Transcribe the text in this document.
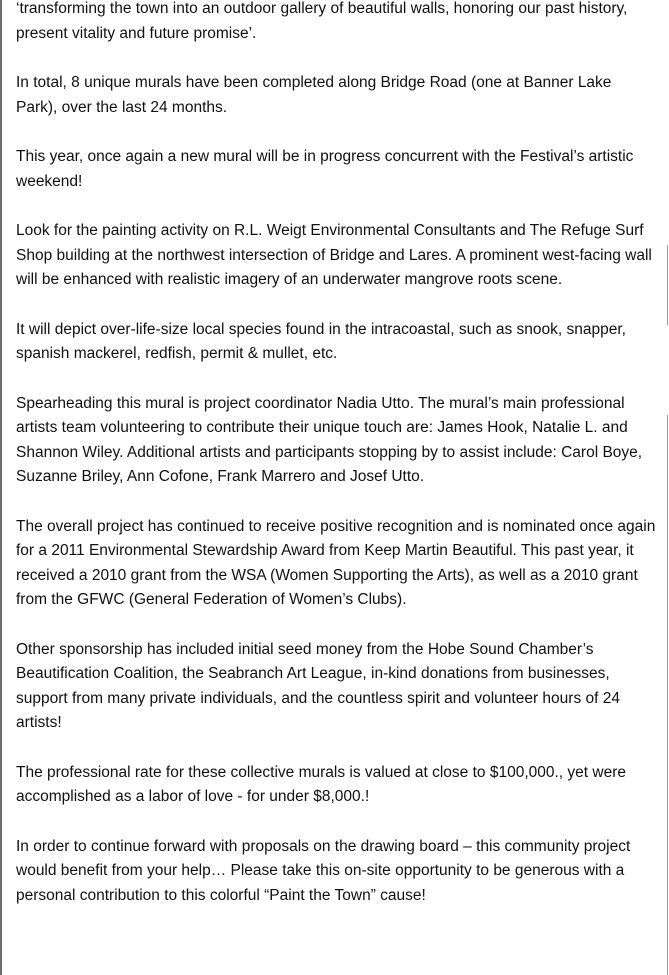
‘transforming the town into an outdoor gallery of beautiful walls, honoring our past history, present vitality and future promise’.

In total, 8 unique murals have been completed along Bridge Road (one at Banner Lake Park), over the last 24 months.

This year, once again a new mural will be in progress concurrent with the Festival’s artistic weekend!

Look for the painting activity on R.L. Weigt Environmental Consultants and The Refuge Surf Shop building at the northwest intersection of Bridge and Lares. A prominent west-facing wall will be enhanced with realistic imagery of an underwater mangrove roots scene.

It will depict over-life-size local species found in the intracoastal, such as snook, snapper, spanish mackerel, redfish, permit & mullet, etc.

Spearheading this mural is project coordinator Nadia Utto. The mural’s main professional artists team volunteering to contribute their unique touch are: James Hook, Natalie L. and Shannon Wiley. Additional artists and participants stopping by to assist include: Carol Boye, Suzanne Briley, Ann Cofone, Frank Marrero and Josef Utto.

The overall project has continued to receive positive recognition and is nominated once again for a 2011 Environmental Stewardship Award from Keep Martin Beautiful. This past year, it received a 2010 grant from the WSA (Women Supporting the Arts), as well as a 2010 grant from the GFWC (General Federation of Women’s Clubs).

Other sponsorship has included initial seed money from the Hobe Sound Chamber’s Beautification Coalition, the Seabranch Art League, in-kind donations from businesses, support from many private individuals, and the countless spirit and volunteer hours of 24 artists!

The professional rate for these collective murals is valued at close to $100,000., yet were accomplished as a labor of love - for under $8,000.!

In order to continue forward with proposals on the drawing board – this community project would benefit from your help… Please take this on-site opportunity to be generous with a personal contribution to this colorful “Paint the Town” cause!
